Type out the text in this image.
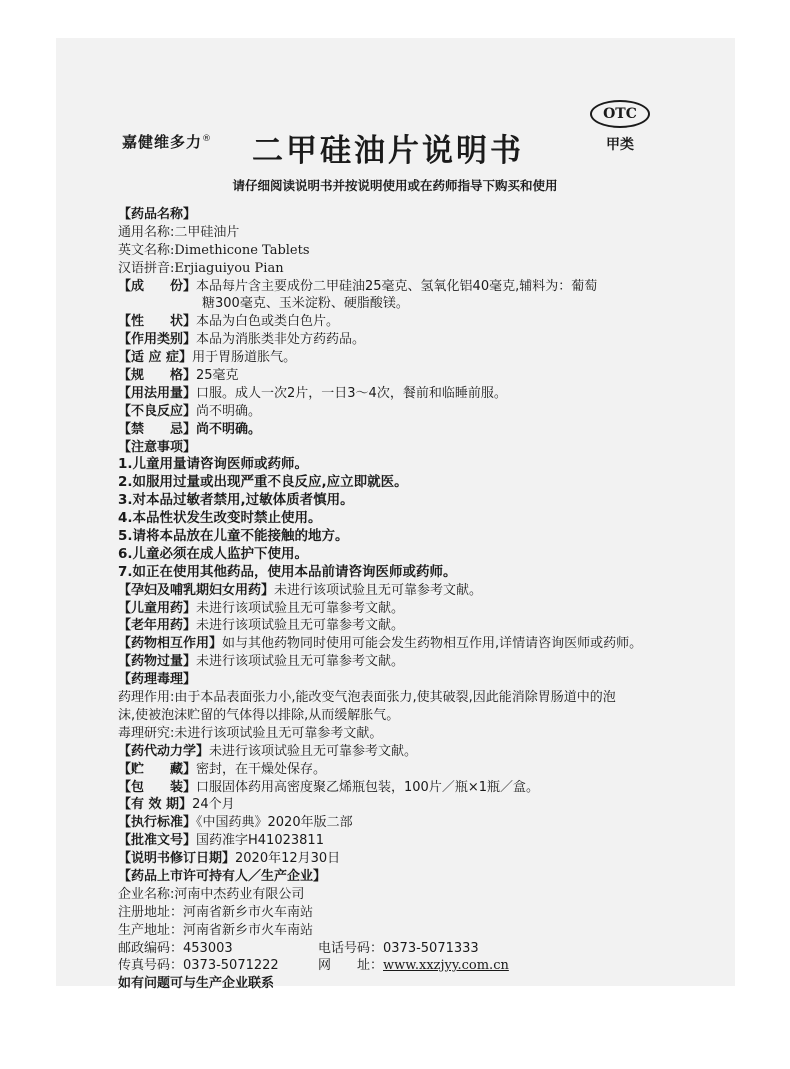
嘉健维多力® 二甲硅油片说明书
OTC
甲类
请仔细阅读说明书并按说明使用或在药师指导下购买和使用
【药品名称】
通用名称:二甲硅油片
英文名称:Dimethicone Tablets
汉语拼音:Erjiaguiyou Pian
【成　　份】本品每片含主要成份二甲硅油25毫克、氢氧化铝40毫克,辅料为：葡萄
糖300毫克、玉米淀粉、硬脂酸镁。
【性　　状】本品为白色或类白色片。
【作用类别】本品为消胀类非处方药药品。
【适 应 症】用于胃肠道胀气。
【规　　格】25毫克
【用法用量】口服。成人一次2片，一日3～4次，餐前和临睡前服。
【不良反应】尚不明确。
【禁　　忌】尚不明确。
【注意事项】
1.儿童用量请咨询医师或药师。
2.如服用过量或出现严重不良反应,应立即就医。
3.对本品过敏者禁用,过敏体质者慎用。
4.本品性状发生改变时禁止使用。
5.请将本品放在儿童不能接触的地方。
6.儿童必须在成人监护下使用。
7.如正在使用其他药品，使用本品前请咨询医师或药师。
【孕妇及哺乳期妇女用药】未进行该项试验且无可靠参考文献。
【儿童用药】未进行该项试验且无可靠参考文献。
【老年用药】未进行该项试验且无可靠参考文献。
【药物相互作用】如与其他药物同时使用可能会发生药物相互作用,详情请咨询医师或药师。
【药物过量】未进行该项试验且无可靠参考文献。
【药理毒理】
药理作用:由于本品表面张力小,能改变气泡表面张力,使其破裂,因此能消除胃肠道中的泡
沫,使被泡沫贮留的气体得以排除,从而缓解胀气。
毒理研究:未进行该项试验且无可靠参考文献。
【药代动力学】未进行该项试验且无可靠参考文献。
【贮　　藏】密封，在干燥处保存。
【包　　装】口服固体药用高密度聚乙烯瓶包装，100片／瓶×1瓶／盒。
【有 效 期】24个月
【执行标准】《中国药典》2020年版二部
【批准文号】国药准字H41023811
【说明书修订日期】2020年12月30日
【药品上市许可持有人／生产企业】
企业名称:河南中杰药业有限公司
注册地址：河南省新乡市火车南站
生产地址：河南省新乡市火车南站
邮政编码：453003	电话号码：0373-5071333
传真号码：0373-5071222	网　　址：www.xxzjyy.com.cn
如有问题可与生产企业联系
